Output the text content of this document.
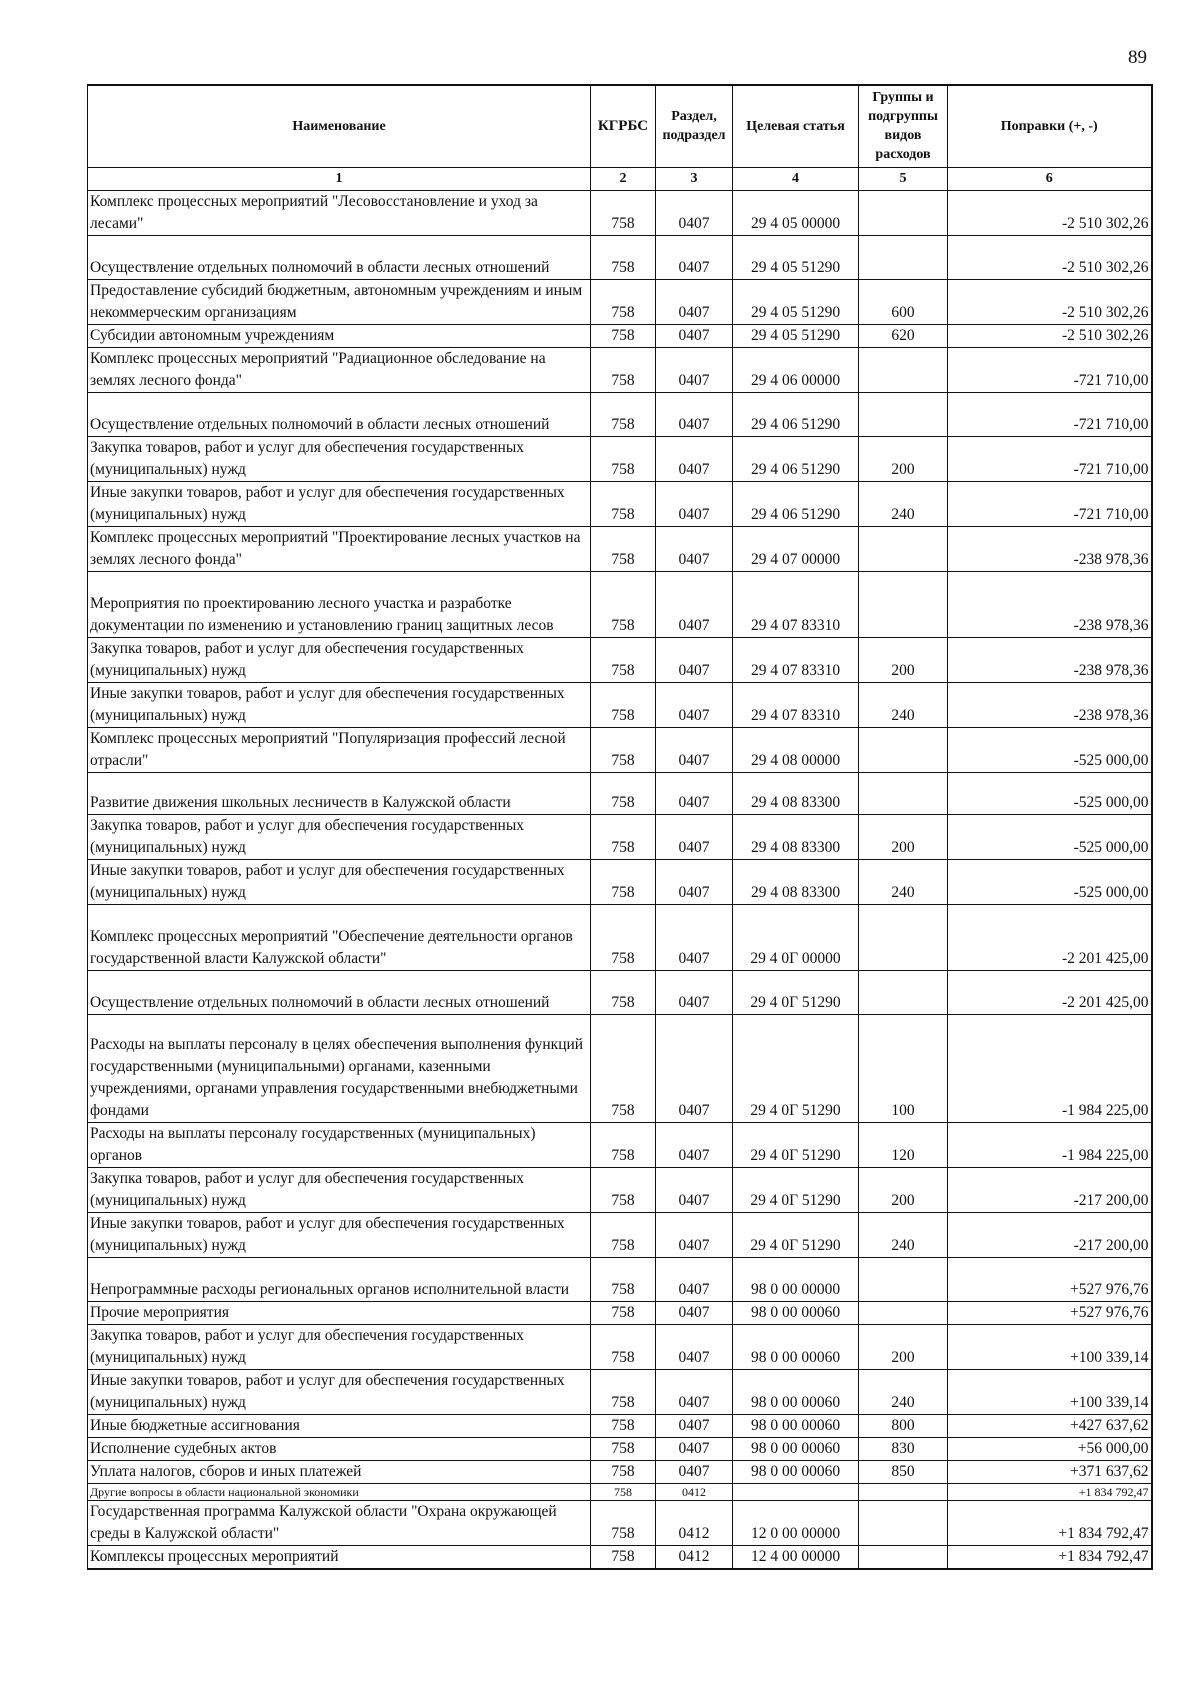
89
Наименование	КГРБС	Раздел, подраздел	Целевая статья	Группы и подгруппы видов расходов	Поправки (+, -)
1	2	3	4	5	6
Комплекс процессных мероприятий "Лесовосстановление и уход за лесами"	758	0407	29 4 05 00000		-2 510 302,26
Осуществление отдельных полномочий в области лесных отношений	758	0407	29 4 05 51290		-2 510 302,26
Предоставление субсидий бюджетным, автономным учреждениям и иным некоммерческим организациям	758	0407	29 4 05 51290	600	-2 510 302,26
Субсидии автономным учреждениям	758	0407	29 4 05 51290	620	-2 510 302,26
Комплекс процессных мероприятий "Радиационное обследование на землях лесного фонда"	758	0407	29 4 06 00000		-721 710,00
Осуществление отдельных полномочий в области лесных отношений	758	0407	29 4 06 51290		-721 710,00
Закупка товаров, работ и услуг для обеспечения государственных (муниципальных) нужд	758	0407	29 4 06 51290	200	-721 710,00
Иные закупки товаров, работ и услуг для обеспечения государственных (муниципальных) нужд	758	0407	29 4 06 51290	240	-721 710,00
Комплекс процессных мероприятий "Проектирование лесных участков на землях лесного фонда"	758	0407	29 4 07 00000		-238 978,36
Мероприятия по проектированию лесного участка и разработке документации по изменению и установлению границ защитных лесов	758	0407	29 4 07 83310		-238 978,36
Закупка товаров, работ и услуг для обеспечения государственных (муниципальных) нужд	758	0407	29 4 07 83310	200	-238 978,36
Иные закупки товаров, работ и услуг для обеспечения государственных (муниципальных) нужд	758	0407	29 4 07 83310	240	-238 978,36
Комплекс процессных мероприятий "Популяризация профессий лесной отрасли"	758	0407	29 4 08 00000		-525 000,00
Развитие движения школьных лесничеств в Калужской области	758	0407	29 4 08 83300		-525 000,00
Закупка товаров, работ и услуг для обеспечения государственных (муниципальных) нужд	758	0407	29 4 08 83300	200	-525 000,00
Иные закупки товаров, работ и услуг для обеспечения государственных (муниципальных) нужд	758	0407	29 4 08 83300	240	-525 000,00
Комплекс процессных мероприятий "Обеспечение деятельности органов государственной власти Калужской области"	758	0407	29 4 0Г 00000		-2 201 425,00
Осуществление отдельных полномочий в области лесных отношений	758	0407	29 4 0Г 51290		-2 201 425,00
Расходы на выплаты персоналу в целях обеспечения выполнения функций государственными (муниципальными) органами, казенными учреждениями, органами управления государственными внебюджетными фондами	758	0407	29 4 0Г 51290	100	-1 984 225,00
Расходы на выплаты персоналу государственных (муниципальных) органов	758	0407	29 4 0Г 51290	120	-1 984 225,00
Закупка товаров, работ и услуг для обеспечения государственных (муниципальных) нужд	758	0407	29 4 0Г 51290	200	-217 200,00
Иные закупки товаров, работ и услуг для обеспечения государственных (муниципальных) нужд	758	0407	29 4 0Г 51290	240	-217 200,00
Непрограммные расходы региональных органов исполнительной власти	758	0407	98 0 00 00000		+527 976,76
Прочие мероприятия	758	0407	98 0 00 00060		+527 976,76
Закупка товаров, работ и услуг для обеспечения государственных (муниципальных) нужд	758	0407	98 0 00 00060	200	+100 339,14
Иные закупки товаров, работ и услуг для обеспечения государственных (муниципальных) нужд	758	0407	98 0 00 00060	240	+100 339,14
Иные бюджетные ассигнования	758	0407	98 0 00 00060	800	+427 637,62
Исполнение судебных актов	758	0407	98 0 00 00060	830	+56 000,00
Уплата налогов, сборов и иных платежей	758	0407	98 0 00 00060	850	+371 637,62
Другие вопросы в области национальной экономики	758	0412			+1 834 792,47
Государственная программа Калужской области "Охрана окружающей среды в Калужской области"	758	0412	12 0 00 00000		+1 834 792,47
Комплексы процессных мероприятий	758	0412	12 4 00 00000		+1 834 792,47
